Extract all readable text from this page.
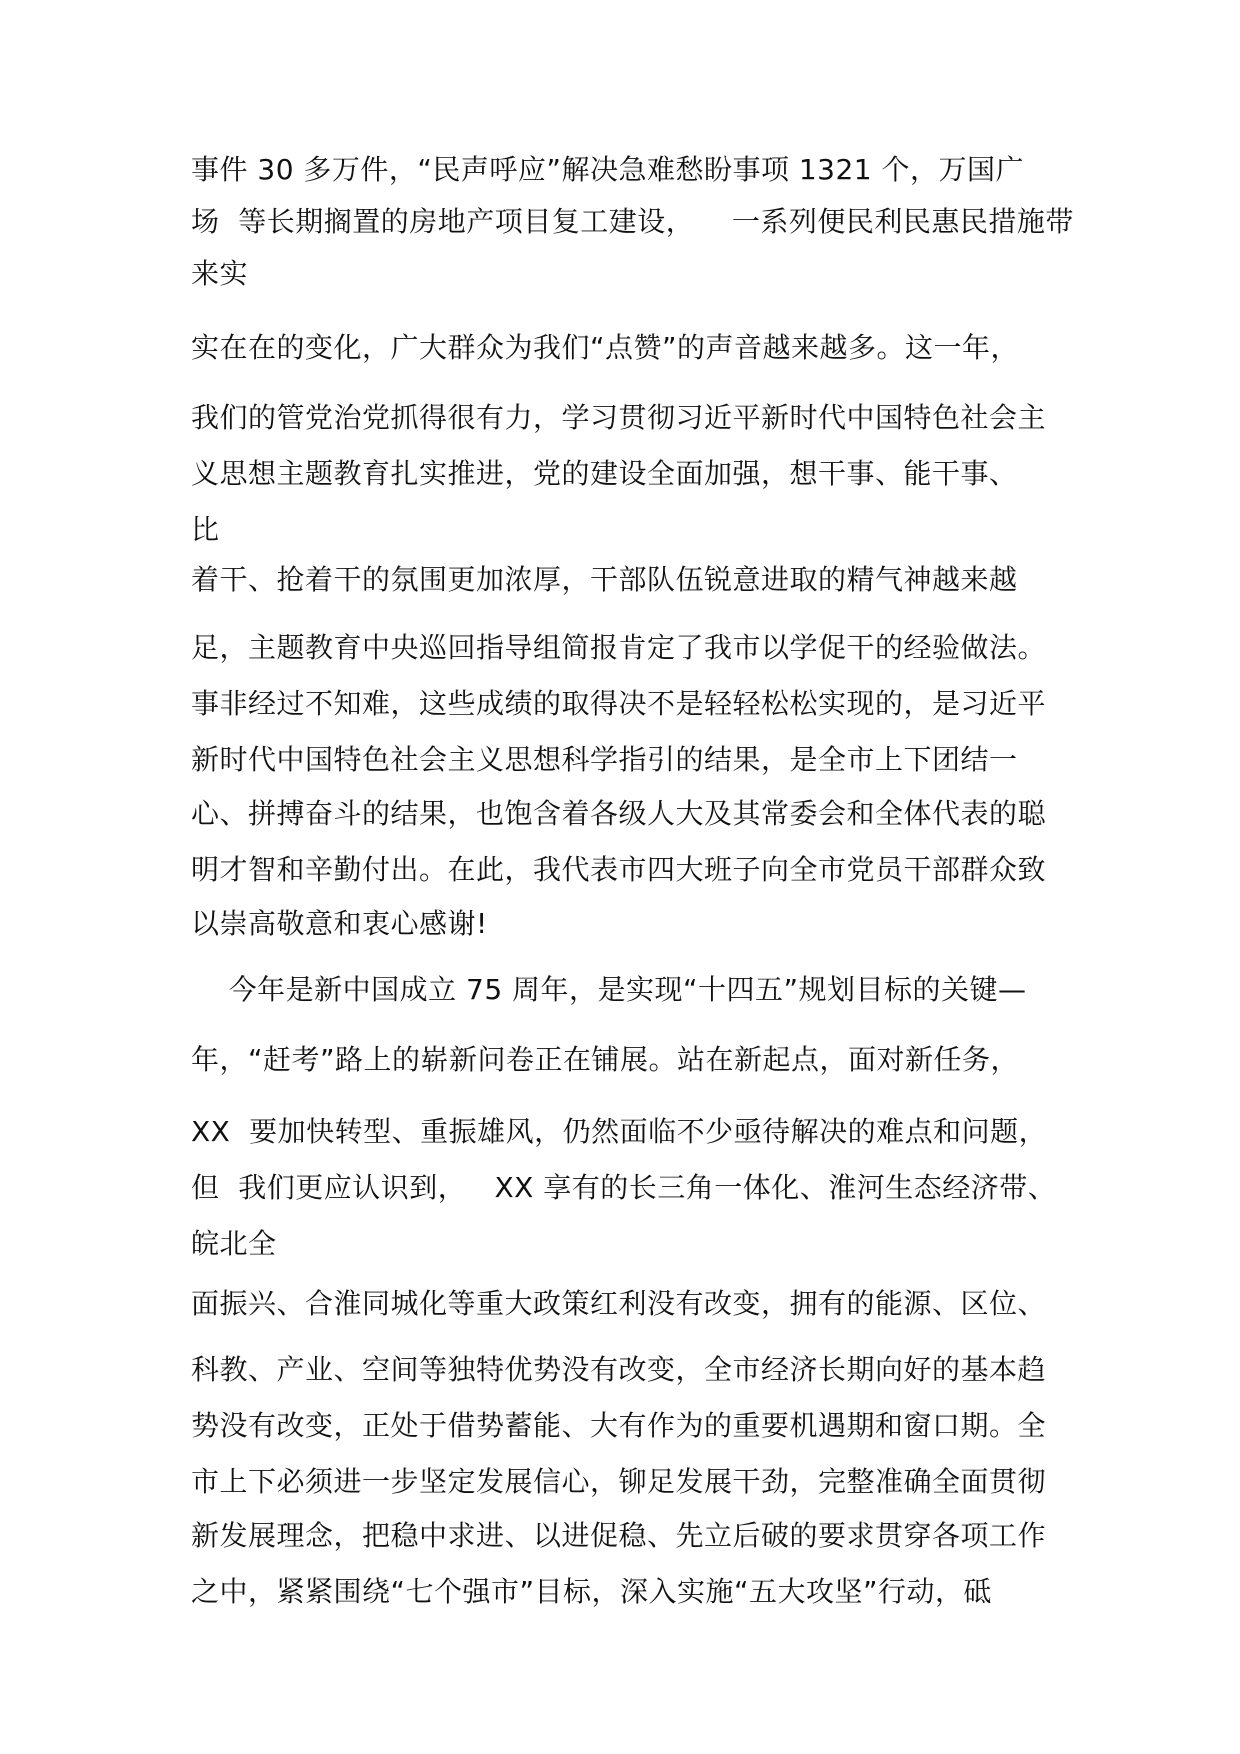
事件 30 多万件，“民声呼应”解决急难愁盼事项 1321 个，万国广
场  等长期搁置的房地产项目复工建设，    一系列便民利民惠民措施带
来实
实在在的变化，广大群众为我们“点赞”的声音越来越多。这一年，
我们的管党治党抓得很有力，学习贯彻习近平新时代中国特色社会主
义思想主题教育扎实推进，党的建设全面加强，想干事、能干事、
比
着干、抢着干的氛围更加浓厚，干部队伍锐意进取的精气神越来越
足，主题教育中央巡回指导组简报肯定了我市以学促干的经验做法。
事非经过不知难，这些成绩的取得决不是轻轻松松实现的，是习近平
新时代中国特色社会主义思想科学指引的结果，是全市上下团结一
心、拼搏奋斗的结果，也饱含着各级人大及其常委会和全体代表的聪
明才智和辛勤付出。在此，我代表市四大班子向全市党员干部群众致
以崇高敬意和衷心感谢!
今年是新中国成立 75 周年，是实现“十四五”规划目标的关键—
年，“赶考”路上的崭新问卷正在铺展。站在新起点，面对新任务，
XX  要加快转型、重振雄风，仍然面临不少亟待解决的难点和问题，
但  我们更应认识到，   XX 享有的长三角一体化、淮河生态经济带、
皖北全
面振兴、合淮同城化等重大政策红利没有改变，拥有的能源、区位、
科教、产业、空间等独特优势没有改变，全市经济长期向好的基本趋
势没有改变，正处于借势蓄能、大有作为的重要机遇期和窗口期。全
市上下必须进一步坚定发展信心，铆足发展干劲，完整准确全面贯彻
新发展理念，把稳中求进、以进促稳、先立后破的要求贯穿各项工作
之中，紧紧围绕“七个强市”目标，深入实施“五大攻坚”行动，砥
